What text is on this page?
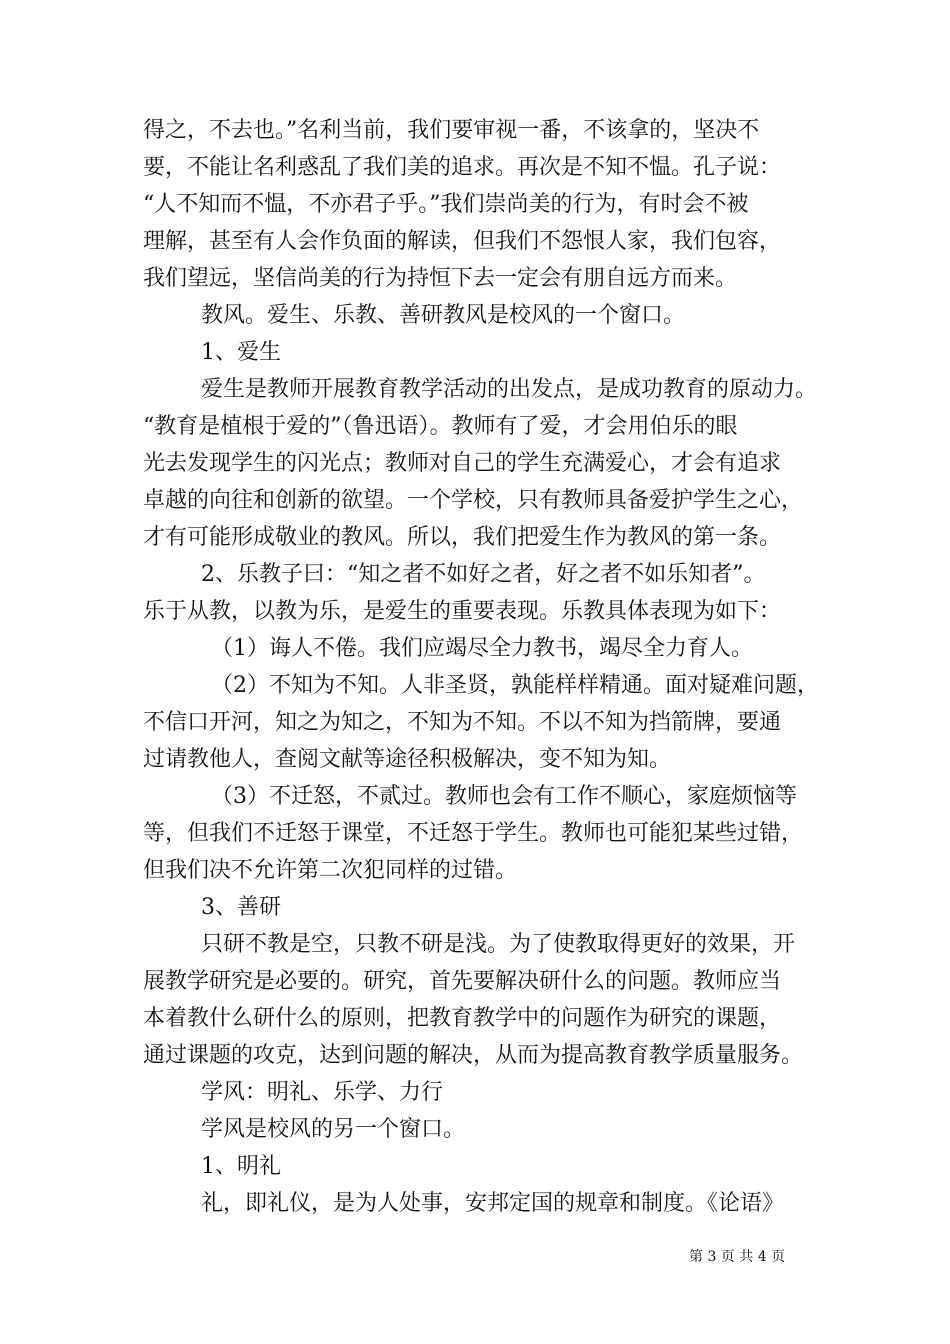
得之，不去也。”名利当前，我们要审视一番，不该拿的，坚决不
要，不能让名利惑乱了我们美的追求。再次是不知不愠。孔子说：
“人不知而不愠，不亦君子乎。”我们崇尚美的行为，有时会不被
理解，甚至有人会作负面的解读，但我们不怨恨人家，我们包容，
我们望远，坚信尚美的行为持恒下去一定会有朋自远方而来。
教风。爱生、乐教、善研教风是校风的一个窗口。
1、爱生
爱生是教师开展教育教学活动的出发点，是成功教育的原动力。
“教育是植根于爱的”（鲁迅语）。教师有了爱，才会用伯乐的眼
光去发现学生的闪光点；教师对自己的学生充满爱心，才会有追求
卓越的向往和创新的欲望。一个学校，只有教师具备爱护学生之心，
才有可能形成敬业的教风。所以，我们把爱生作为教风的第一条。
2、乐教子曰：“知之者不如好之者，好之者不如乐知者”。
乐于从教，以教为乐，是爱生的重要表现。乐教具体表现为如下：
（1）诲人不倦。我们应竭尽全力教书，竭尽全力育人。
（2）不知为不知。人非圣贤，孰能样样精通。面对疑难问题，
不信口开河，知之为知之，不知为不知。不以不知为挡箭牌，要通
过请教他人，查阅文献等途径积极解决，变不知为知。
（3）不迁怒，不贰过。教师也会有工作不顺心，家庭烦恼等
等，但我们不迁怒于课堂，不迁怒于学生。教师也可能犯某些过错，
但我们决不允许第二次犯同样的过错。
3、善研
只研不教是空，只教不研是浅。为了使教取得更好的效果，开
展教学研究是必要的。研究，首先要解决研什么的问题。教师应当
本着教什么研什么的原则，把教育教学中的问题作为研究的课题，
通过课题的攻克，达到问题的解决，从而为提高教育教学质量服务。
学风：明礼、乐学、力行
学风是校风的另一个窗口。
1、明礼
礼，即礼仪，是为人处事，安邦定国的规章和制度。《论语》
第 3 页 共 4 页
